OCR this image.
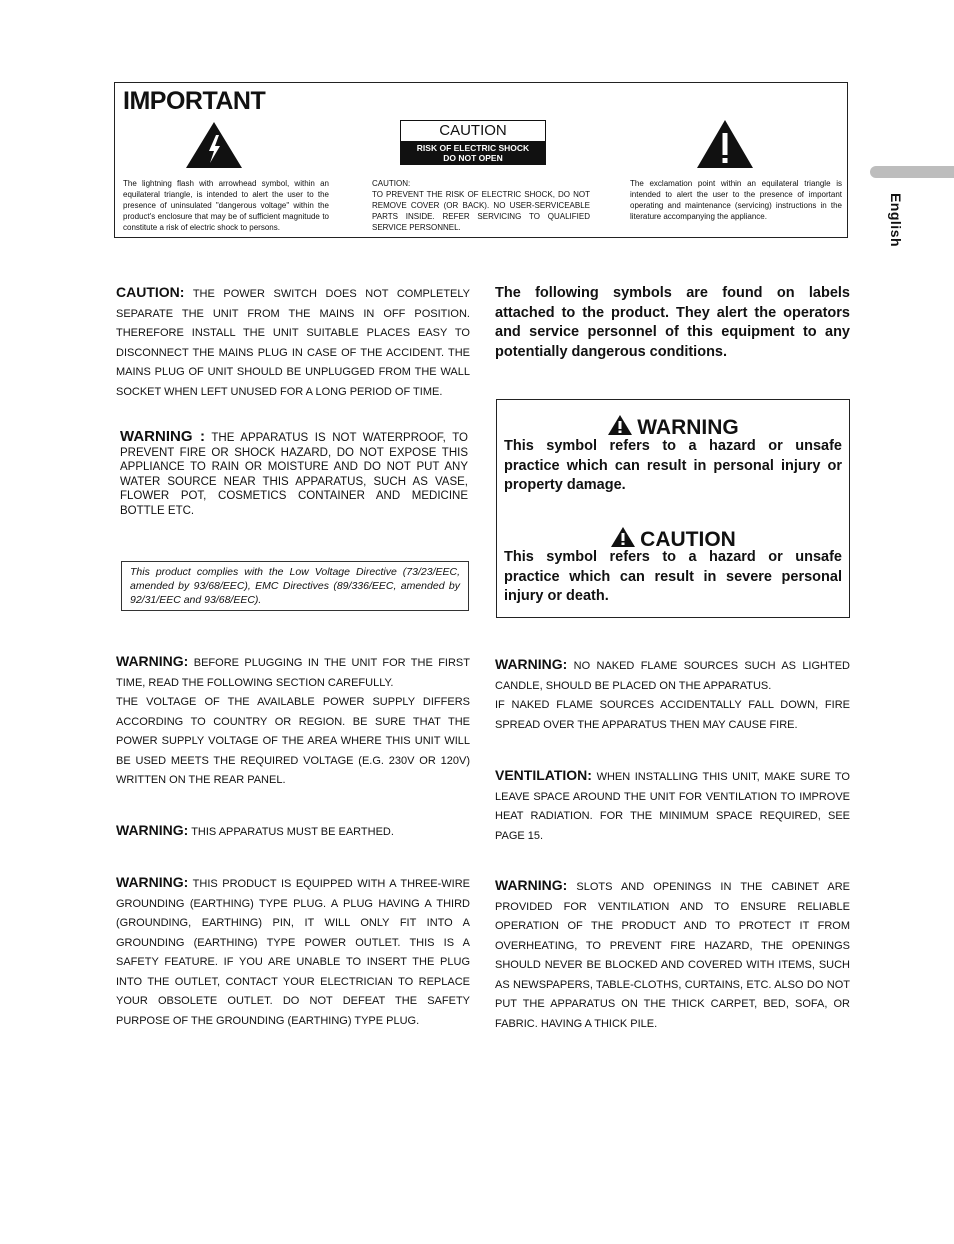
IMPORTANT
The lightning flash with arrowhead symbol, within an equilateral triangle, is intended to alert the user to the presence of uninsulated "dangerous voltage" within the product's enclosure that may be of sufficient magnitude to constitute a risk of electric shock to persons.
CAUTION
RISK OF ELECTRIC SHOCK
DO NOT OPEN
CAUTION:
TO PREVENT THE RISK OF ELECTRIC SHOCK, DO NOT REMOVE COVER (OR BACK). NO USER-SERVICEABLE PARTS INSIDE. REFER SERVICING TO QUALIFIED SERVICE PERSONNEL.
The exclamation point within an equilateral triangle is intended to alert the user to the presence of important operating and maintenance (servicing) instructions in the literature accompanying the appliance.	English
CAUTION: THE POWER SWITCH DOES NOT COMPLETELY SEPARATE THE UNIT FROM THE MAINS IN OFF POSITION. THEREFORE INSTALL THE UNIT SUITABLE PLACES EASY TO DISCONNECT THE MAINS PLUG IN CASE OF THE ACCIDENT. THE MAINS PLUG OF UNIT SHOULD BE UNPLUGGED FROM THE WALL SOCKET WHEN LEFT UNUSED FOR A LONG PERIOD OF TIME.
WARNING : THE APPARATUS IS NOT WATERPROOF, TO PREVENT FIRE OR SHOCK HAZARD, DO NOT EXPOSE THIS APPLIANCE TO RAIN OR MOISTURE AND DO NOT PUT ANY WATER SOURCE NEAR THIS APPARATUS, SUCH AS VASE, FLOWER POT, COSMETICS CONTAINER AND MEDICINE BOTTLE ETC.
This product complies with the Low Voltage Directive (73/23/EEC, amended by 93/68/EEC), EMC Directives (89/336/EEC, amended by 92/31/EEC and 93/68/EEC).
WARNING: BEFORE PLUGGING IN THE UNIT FOR THE FIRST TIME, READ THE FOLLOWING SECTION CAREFULLY.
THE VOLTAGE OF THE AVAILABLE POWER SUPPLY DIFFERS ACCORDING TO COUNTRY OR REGION. BE SURE THAT THE POWER SUPPLY VOLTAGE OF THE AREA WHERE THIS UNIT WILL BE USED MEETS THE REQUIRED VOLTAGE (E.G. 230V OR 120V) WRITTEN ON THE REAR PANEL.
WARNING: THIS APPARATUS MUST BE EARTHED.
WARNING: THIS PRODUCT IS EQUIPPED WITH A THREE-WIRE GROUNDING (EARTHING) TYPE PLUG. A PLUG HAVING A THIRD (GROUNDING, EARTHING) PIN, IT WILL ONLY FIT INTO A GROUNDING (EARTHING) TYPE POWER OUTLET. THIS IS A SAFETY FEATURE. IF YOU ARE UNABLE TO INSERT THE PLUG INTO THE OUTLET, CONTACT YOUR ELECTRICIAN TO REPLACE YOUR OBSOLETE OUTLET. DO NOT DEFEAT THE SAFETY PURPOSE OF THE GROUNDING (EARTHING) TYPE PLUG.
The following symbols are found on labels attached to the product. They alert the operators and service personnel of this equipment to any potentially dangerous conditions.
WARNING
This symbol refers to a hazard or unsafe practice which can result in personal injury or property damage.
CAUTION
This symbol refers to a hazard or unsafe practice which can result in severe personal injury or death.
WARNING: NO NAKED FLAME SOURCES SUCH AS LIGHTED CANDLE, SHOULD BE PLACED ON THE APPARATUS.
IF NAKED FLAME SOURCES ACCIDENTALLY FALL DOWN, FIRE SPREAD OVER THE APPARATUS THEN MAY CAUSE FIRE.
VENTILATION: WHEN INSTALLING THIS UNIT, MAKE SURE TO LEAVE SPACE AROUND THE UNIT FOR VENTILATION TO IMPROVE HEAT RADIATION. FOR THE MINIMUM SPACE REQUIRED, SEE PAGE 15.
WARNING: SLOTS AND OPENINGS IN THE CABINET ARE PROVIDED FOR VENTILATION AND TO ENSURE RELIABLE OPERATION OF THE PRODUCT AND TO PROTECT IT FROM OVERHEATING, TO PREVENT FIRE HAZARD, THE OPENINGS SHOULD NEVER BE BLOCKED AND COVERED WITH ITEMS, SUCH AS NEWSPAPERS, TABLE-CLOTHS, CURTAINS, ETC. ALSO DO NOT PUT THE APPARATUS ON THE THICK CARPET, BED, SOFA, OR FABRIC. HAVING A THICK PILE.
